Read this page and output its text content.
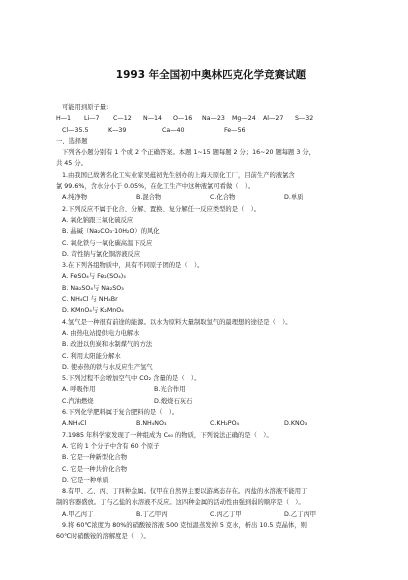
1993 年全国初中奥林匹克化学竞赛试题
可能用到原子量:
H—1	Li—7	C—12	N—14	O—16	Na—23	Mg—24	Al—27	S—32
Cl—35.5	K—39	Ca—40	Fe—56
一、选择题
下列各小题分别有 1 个或 2 个正确答案。本题 1~15 题每题 2 分；16~20 题每题 3 分，
共 45 分。
1.由我国已故著名化工实业家吴蕴初先生创办的上海天原化工厂，目前生产的液氯含
氯 99.6%，含水分小于 0.05%，在化工生产中这种液氯可看做（　）。
A.纯净物	B.混合物	C.化合物	D.单质
2.下列反应不属于化合、分解、置换、复分解任一反应类型的是（　）。
A. 氧化钠跟三氧化硫反应
B. 晶碱（Na₂CO₃·10H₂O）的风化
C. 氧化铁与一氧化碳高温下反应
D. 苛性钠与氯化铜溶液反应
3.在下列各组物质中，具有不同原子团的是（　）。
A. FeSO₄与 Fe₂(SO₄)₃
B. Na₂SO₄与 Na₂SO₃
C. NH₄Cl 与 NH₄Br
D. KMnO₄与 K₂MnO₄
4.氢气是一种很有前途的能源。以水为原料大量制取氢气的最理想的途径是（　）。
A. 由热电站提供电力电解水
B. 改进以焦炭和水制煤气的方法
C. 利用太阳能分解水
D. 使赤热的铁与水反应生产氢气
5.下列过程不会增加空气中 CO₂ 含量的是（　）。
A. 呼吸作用	B.光合作用
C.汽油燃烧	D.煅烧石灰石
6.下列化学肥料属于复合肥料的是（　）。
A.NH₄Cl	B.NH₄NO₃	C.KH₂PO₄	D.KNO₃
7.1985 年科学家发现了一种组成为 C₆₀ 的物质，下列说法正确的是（　）。
A. 它的 1 个分子中含有 60 个原子
B. 它是一种新型化合物
C. 它是一种共价化合物
D. 它是一种单质
8.有甲、乙、丙、丁四种金属。仅甲在自然界主要以游离态存在。丙盐的水溶液不能用丁
制的容器盛放。丁与乙盐的水溶液不反应。这四种金属的活动性由强到弱的顺序是（　）。
A.甲乙丙丁	B.丁乙甲丙	C.丙乙丁甲	D.乙丁丙甲
9.将 60℃浓度为 80%的硝酸铵溶液 500 克恒温蒸发掉 5 克水，析出 10.5 克晶体，则
60℃时硝酸铵的溶解度是（　）。
